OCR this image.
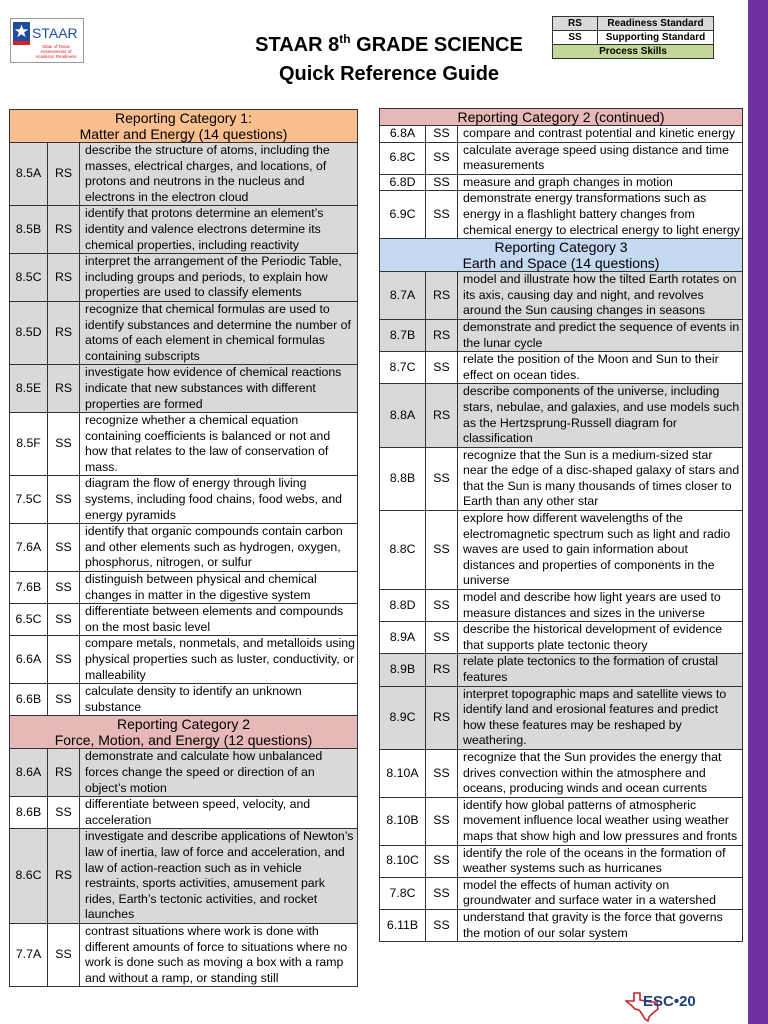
STAAR
State of Texas
Assessments of
Academic Readiness
STAAR 8th GRADE SCIENCE
Quick Reference Guide
RS	Readiness Standard
SS	Supporting Standard
Process Skills	
Reporting Category 1:
Matter and Energy (14 questions)		

8.5A	RS	describe the structure of atoms, including the masses, electrical charges, and locations, of protons and neutrons in the nucleus and electrons in the electron cloud
8.5B	RS	identify that protons determine an element’s identity and valence electrons determine its chemical properties, including reactivity
8.5C	RS	interpret the arrangement of the Periodic Table, including groups and periods, to explain how properties are used to classify elements
8.5D	RS	recognize that chemical formulas are used to identify substances and determine the number of atoms of each element in chemical formulas containing subscripts
8.5E	RS	investigate how evidence of chemical reactions indicate that new substances with different properties are formed
8.5F	SS	recognize whether a chemical equation containing coefficients is balanced or not and how that relates to the law of conservation of mass.
7.5C	SS	diagram the flow of energy through living systems, including food chains, food webs, and energy pyramids
7.6A	SS	identify that organic compounds contain carbon and other elements such as hydrogen, oxygen, phosphorus, nitrogen, or sulfur
7.6B	SS	distinguish between physical and chemical changes in matter in the digestive system
6.5C	SS	differentiate between elements and compounds on the most basic level
6.6A	SS	compare metals, nonmetals, and metalloids using physical properties such as luster, conductivity, or malleability
6.6B	SS	calculate density to identify an unknown substance

Reporting Category 2
Force, Motion, and Energy (12 questions)		

8.6A	RS	demonstrate and calculate how unbalanced forces change the speed or direction of an object’s motion
8.6B	SS	differentiate between speed, velocity, and acceleration
8.6C	RS	investigate and describe applications of Newton’s law of inertia, law of force and acceleration, and law of action-reaction such as in vehicle restraints, sports activities, amusement park rides, Earth’s tectonic activities, and rocket launches
7.7A	SS	contrast situations where work is done with different amounts of force to situations where no work is done such as moving a box with a ramp and without a ramp, or standing still
Reporting Category 2 (continued)		

6.8A	SS	compare and contrast potential and kinetic energy
6.8C	SS	calculate average speed using distance and time measurements
6.8D	SS	measure and graph changes in motion
6.9C	SS	demonstrate energy transformations such as energy in a flashlight battery changes from chemical energy to electrical energy to light energy

Reporting Category 3
Earth and Space (14 questions)		

8.7A	RS	model and illustrate how the tilted Earth rotates on its axis, causing day and night, and revolves around the Sun causing changes in seasons
8.7B	RS	demonstrate and predict the sequence of events in the lunar cycle
8.7C	SS	relate the position of the Moon and Sun to their effect on ocean tides.
8.8A	RS	describe components of the universe, including stars, nebulae, and galaxies, and use models such as the Hertzsprung-Russell diagram for classification
8.8B	SS	recognize that the Sun is a medium-sized star near the edge of a disc-shaped galaxy of stars and that the Sun is many thousands of times closer to Earth than any other star
8.8C	SS	explore how different wavelengths of the electromagnetic spectrum such as light and radio waves are used to gain information about distances and properties of components in the universe
8.8D	SS	model and describe how light years are used to measure distances and sizes in the universe
8.9A	SS	describe the historical development of evidence that supports plate tectonic theory
8.9B	RS	relate plate tectonics to the formation of crustal features
8.9C	RS	interpret topographic maps and satellite views to identify land and erosional features and predict how these features may be reshaped by weathering.
8.10A	SS	recognize that the Sun provides the energy that drives convection within the atmosphere and oceans, producing winds and ocean currents
8.10B	SS	identify how global patterns of atmospheric movement influence local weather using weather maps that show high and low pressures and fronts
8.10C	SS	identify the role of the oceans in the formation of weather systems such as hurricanes
7.8C	SS	model the effects of human activity on groundwater and surface water in a watershed
6.11B	SS	understand that gravity is the force that governs the motion of our solar system
ESC•20
